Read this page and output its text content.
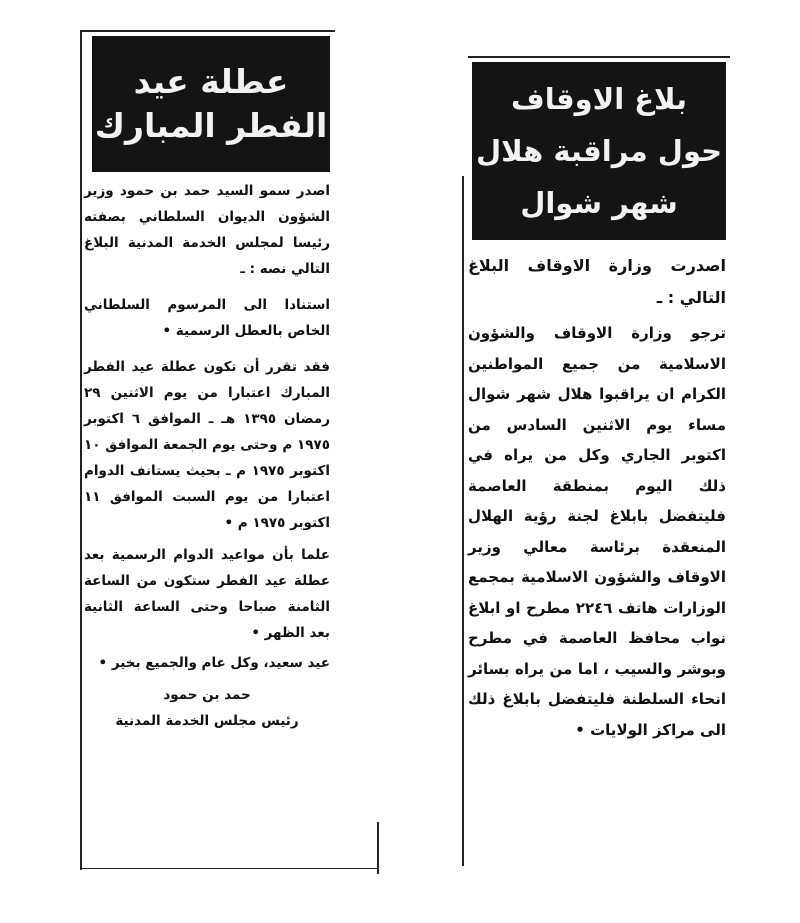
عطلة عيد
الفطر المبارك

اصدر سمو السيد حمد بن حمود وزير الشؤون الديوان السلطاني بصفته رئيسا لمجلس الخدمة المدنية البلاغ التالي نصه : ـ

استنادا الى المرسوم السلطاني الخاص بالعطل الرسمية •

فقد تقرر أن تكون عطلة عيد الفطر المبارك اعتبارا من يوم الاثنين ٢٩ رمضان ١٣٩٥ هـ ـ الموافق ٦ اكتوبر ١٩٧٥ م وحتى يوم الجمعة الموافق ١٠ اكتوبر ١٩٧٥ م ـ بحيث يستانف الدوام اعتبارا من يوم السبت الموافق ١١ اكتوبر ١٩٧٥ م •

علما بأن مواعيد الدوام الرسمية بعد عطلة عيد الفطر ستكون من الساعة الثامنة صباحا وحتى الساعة الثانية بعد الظهر •

عيد سعيد، وكل عام والجميع بخير •

حمد بن حمود

رئيس مجلس الخدمة المدنية

بلاغ الاوقاف
حول مراقبة هلال
شهر شوال

اصدرت وزارة الاوقاف البلاغ التالي : ـ

ترجو وزارة الاوقاف والشؤون الاسلامية من جميع المواطنين الكرام ان يراقبوا هلال شهر شوال مساء يوم الاثنين السادس من اكتوبر الجاري وكل من يراه في ذلك اليوم بمنطقة العاصمة فليتفضل بابلاغ لجنة رؤية الهلال المنعقدة برئاسة معالي وزير الاوقاف والشؤون الاسلامية بمجمع الوزارات هاتف ٢٢٤٦ مطرح او ابلاغ نواب محافظ العاصمة في مطرح وبوشر والسيب ، اما من يراه بسائر انحاء السلطنة فليتفضل بابلاغ ذلك الى مراكز الولايات •
